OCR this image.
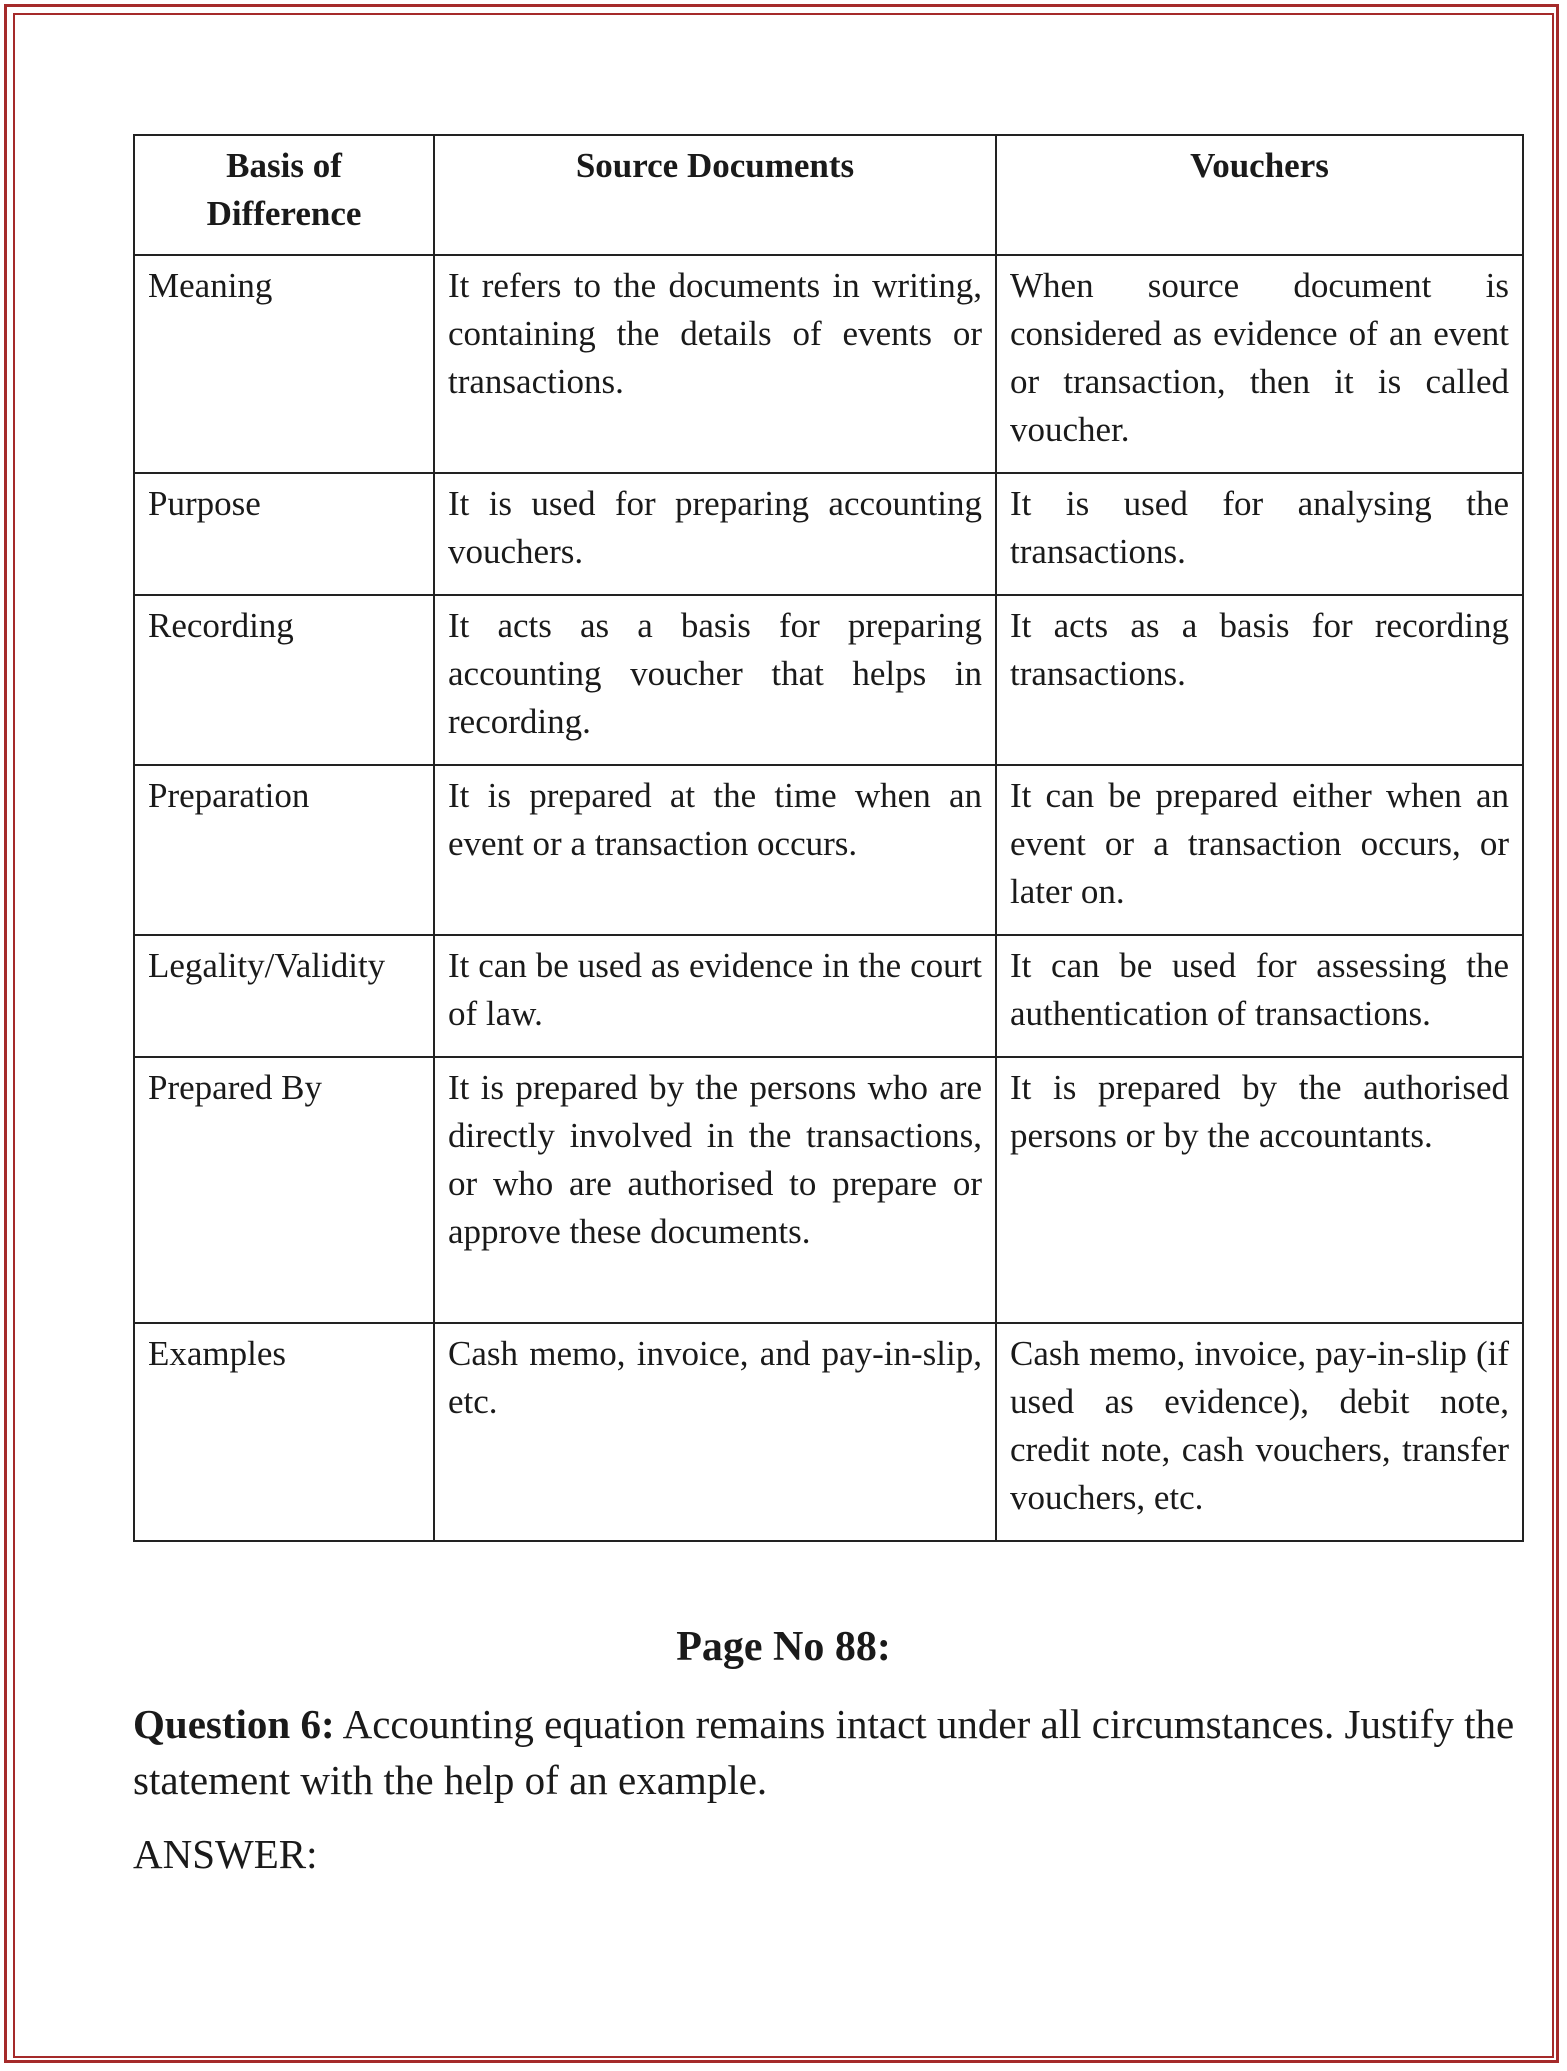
Basis of Difference	Source Documents	Vouchers
Meaning	It refers to the documents in writing, containing the details of events or transactions.	When source document is considered as evidence of an event or transaction, then it is called voucher.
Purpose	It is used for preparing accounting vouchers.	It is used for analysing the transactions.
Recording	It acts as a basis for preparing accounting voucher that helps in recording.	It acts as a basis for recording transactions.
Preparation	It is prepared at the time when an event or a transaction occurs.	It can be prepared either when an event or a transaction occurs, or later on.
Legality/Validity	It can be used as evidence in the court of law.	It can be used for assessing the authentication of transactions.
Prepared By	It is prepared by the persons who are directly involved in the transactions, or who are authorised to prepare or approve these documents.	It is prepared by the authorised persons or by the accountants.
Examples	Cash memo, invoice, and pay-in-slip, etc.	Cash memo, invoice, pay-in-slip (if used as evidence), debit note, credit note, cash vouchers, transfer vouchers, etc.
Page No 88:
Question 6: Accounting equation remains intact under all circumstances. Justify the statement with the help of an example.
ANSWER:
